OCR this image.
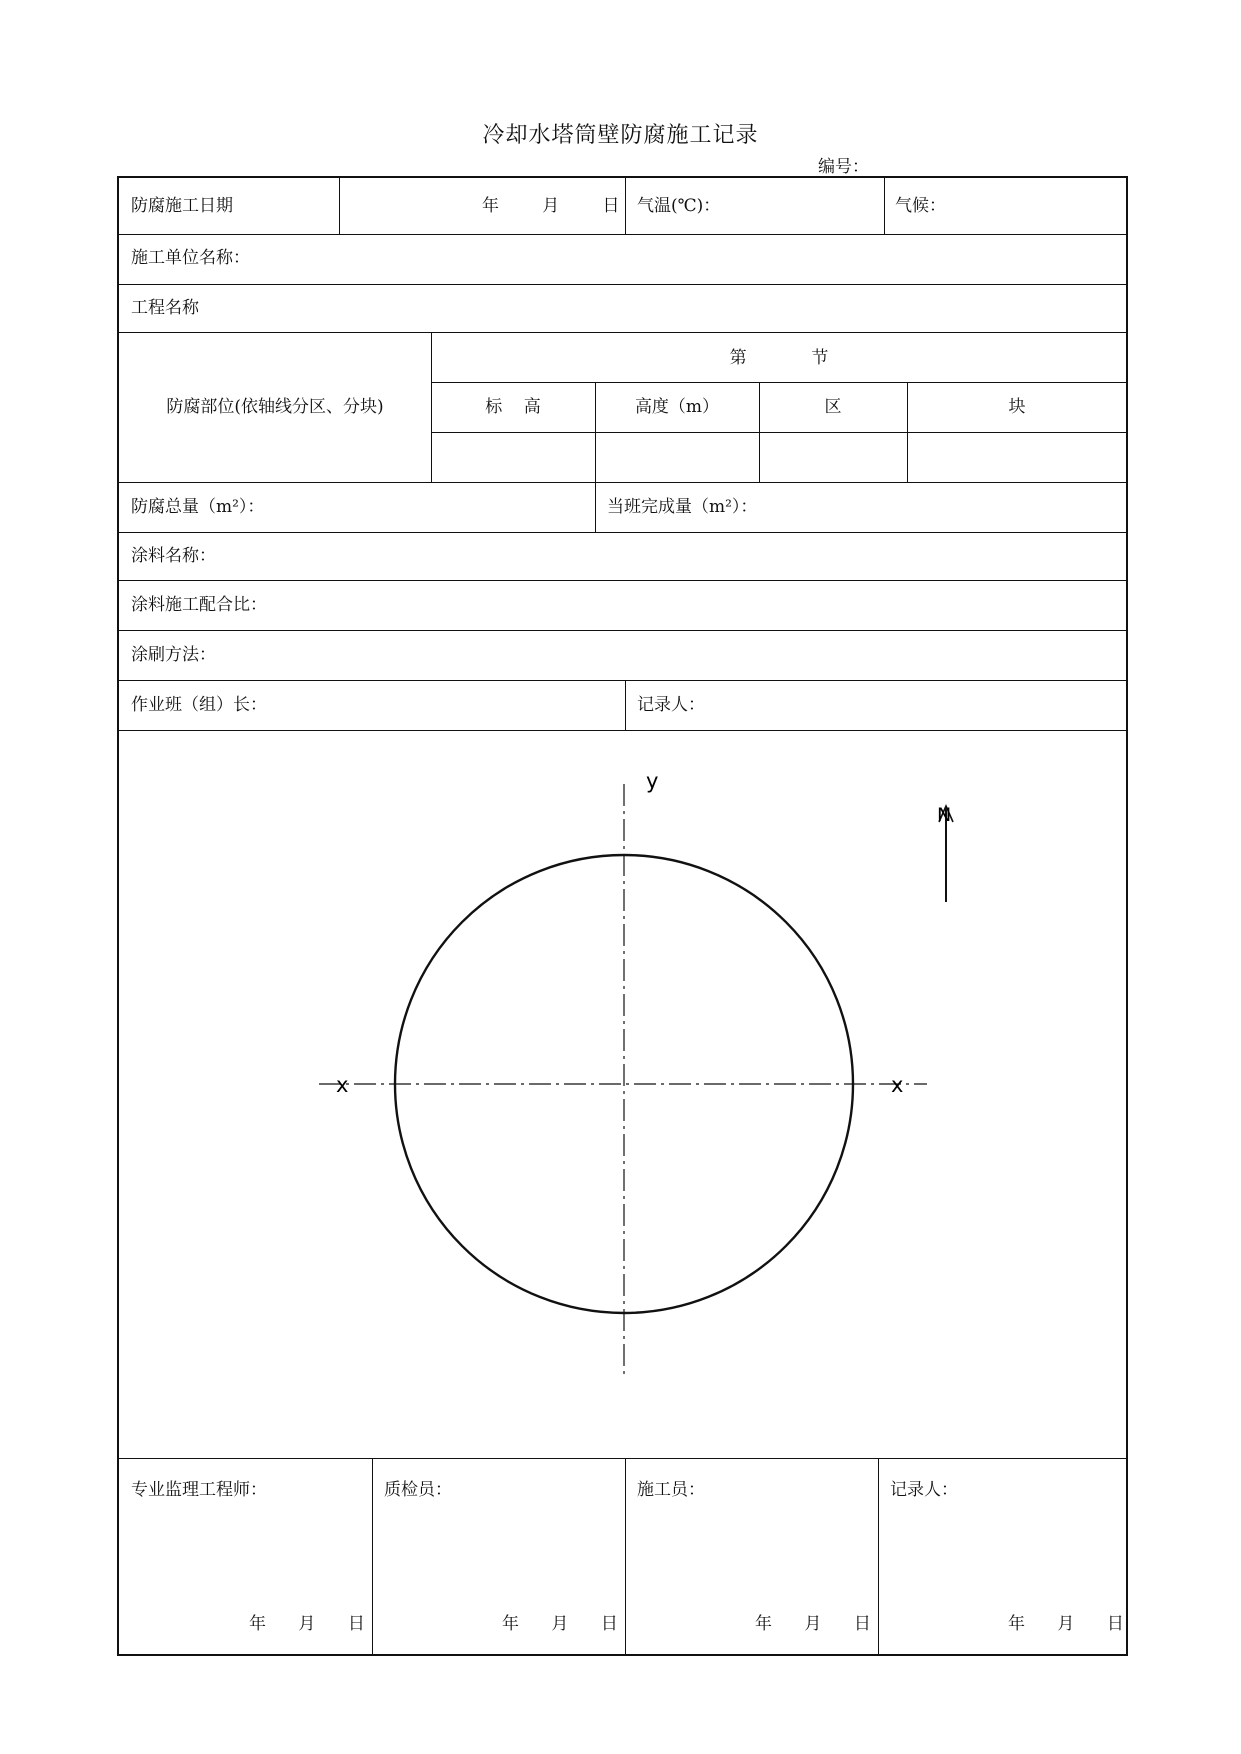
冷却水塔筒壁防腐施工记录
编号：
防腐施工日期	年        月        日 气温(℃)：	气候：
施工单位名称：
工程名称
防腐部位(依轴线分区、分块)
第            节
标    高	高度（m）	区	块
防腐总量（m²）：	当班完成量（m²）：
涂料名称：
涂料施工配合比：
涂刷方法：
作业班（组）长：	记录人：
y
x	x
N
专业监理工程师：	质检员：	施工员：	记录人：
年      月      日	年      月      日	年      月      日	年      月      日
